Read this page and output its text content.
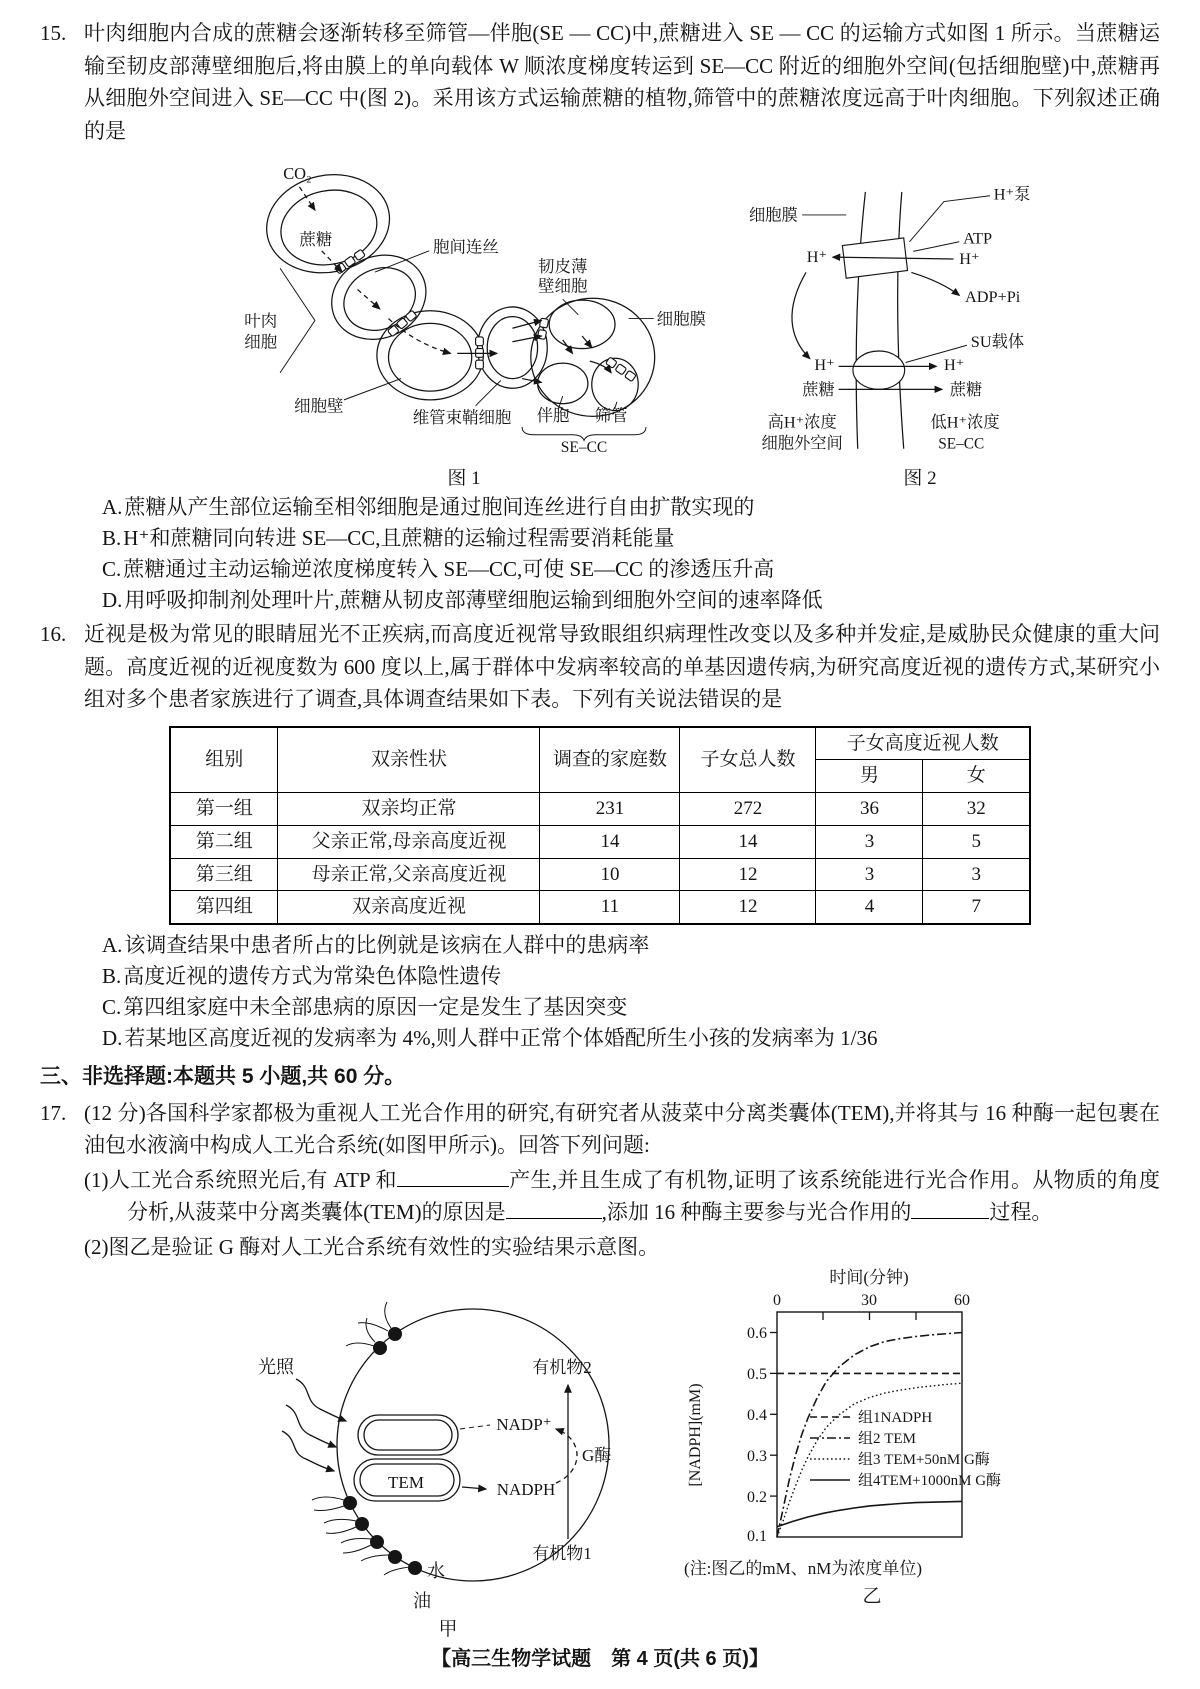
15. 叶肉细胞内合成的蔗糖会逐渐转移至筛管—伴胞(SE — CC)中,蔗糖进入 SE — CC 的运输方式如图 1 所示。当蔗糖运输至韧皮部薄壁细胞后,将由膜上的单向载体 W 顺浓度梯度转运到 SE—CC 附近的细胞外空间(包括细胞壁)中,蔗糖再从细胞外空间进入 SE—CC 中(图 2)。采用该方式运输蔗糖的植物,筛管中的蔗糖浓度远高于叶肉细胞。下列叙述正确的是
CO₂
蔗糖	胞间连丝
韧皮薄
壁细胞
细胞膜
叶肉
细胞
细胞壁
维管束鞘细胞 伴胞 筛管
SE–CC
图 1
细胞膜
H⁺泵
ATP
H⁺
H⁺
ADP+Pi
SU载体
H⁺	H⁺
蔗糖	蔗糖
高H⁺浓度
细胞外空间
低H⁺浓度
SE–CC
图 2
A.蔗糖从产生部位运输至相邻细胞是通过胞间连丝进行自由扩散实现的
B.H⁺和蔗糖同向转进 SE—CC,且蔗糖的运输过程需要消耗能量
C.蔗糖通过主动运输逆浓度梯度转入 SE—CC,可使 SE—CC 的渗透压升高
D.用呼吸抑制剂处理叶片,蔗糖从韧皮部薄壁细胞运输到细胞外空间的速率降低
16. 近视是极为常见的眼睛屈光不正疾病,而高度近视常导致眼组织病理性改变以及多种并发症,是威胁民众健康的重大问题。高度近视的近视度数为 600 度以上,属于群体中发病率较高的单基因遗传病,为研究高度近视的遗传方式,某研究小组对多个患者家族进行了调查,具体调查结果如下表。下列有关说法错误的是
组别	双亲性状	调查的家庭数	子女总人数	子女高度近视人数	
				男	女
第一组	双亲均正常	231	272	36	32
第二组	父亲正常,母亲高度近视	14	14	3	5
第三组	母亲正常,父亲高度近视	10	12	3	3
第四组	双亲高度近视	11	12	4	7
A.该调查结果中患者所占的比例就是该病在人群中的患病率
B.高度近视的遗传方式为常染色体隐性遗传
C.第四组家庭中未全部患病的原因一定是发生了基因突变
D.若某地区高度近视的发病率为 4%,则人群中正常个体婚配所生小孩的发病率为 1/36
三、非选择题:本题共 5 小题,共 60 分。
17. (12 分)各国科学家都极为重视人工光合作用的研究,有研究者从菠菜中分离类囊体(TEM),并将其与 16 种酶一起包裹在油包水液滴中构成人工光合系统(如图甲所示)。回答下列问题:
(1)人工光合系统照光后,有 ATP 和	产生,并且生成了有机物,证明了该系统能进行光合作用。从物质的角度分析,从菠菜中分离类囊体(TEM)的原因是	,添加 16 种酶主要参与光合作用的	过程。
(2)图乙是验证 G 酶对人工光合系统有效性的实验结果示意图。
TEM
NADP⁺
NADPH
G酶
有机物2
有机物1
光照
水
油
甲
时间(分钟)
0	30	60
0.6
0.5
0.4
0.3
0.2
0.1
[NADPH](mM)	组1NADPH
组2 TEM
组3 TEM+50nM G酶
组4TEM+1000nM G酶
(注:图乙的mM、nM为浓度单位)
乙
【高三生物学试题　第 4 页(共 6 页)】
